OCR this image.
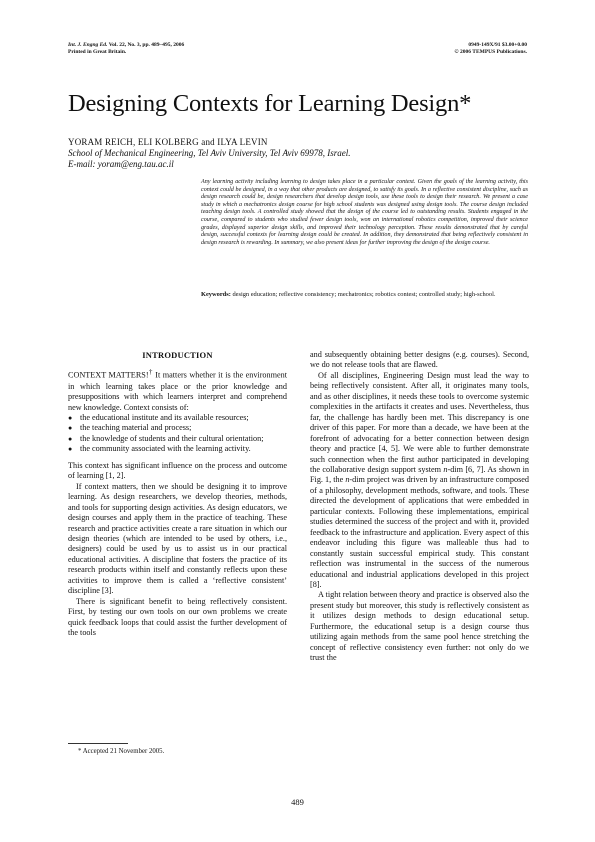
Int. J. Engng Ed. Vol. 22, No. 3, pp. 489–495, 2006
Printed in Great Britain.
0949-149X/91 $3.00+0.00
© 2006 TEMPUS Publications.
Designing Contexts for Learning Design*
YORAM REICH, ELI KOLBERG and ILYA LEVIN
School of Mechanical Engineering, Tel Aviv University, Tel Aviv 69978, Israel.
E-mail: yoram@eng.tau.ac.il
Any learning activity including learning to design takes place in a particular context. Given the goals of the learning activity, this context could be designed, in a way that other products are designed, to satisfy its goals. In a reflective consistent discipline, such as design research could be, design researchers that develop design tools, use these tools to design their research. We present a case study in which a mechatronics design course for high school students was designed using design tools. The course design included teaching design tools. A controlled study showed that the design of the course led to outstanding results. Students engaged in the course, compared to students who studied fewer design tools, won an international robotics competition, improved their science grades, displayed superior design skills, and improved their technology perception. These results demonstrated that by careful design, successful contexts for learning design could be created. In addition, they demonstrated that being reflectively consistent in design research is rewarding. In summary, we also present ideas for further improving the design of the design course.
Keywords: design education; reflective consistency; mechatronics; robotics contest; controlled study; high-school.
INTRODUCTION

CONTEXT MATTERS!† It matters whether it is the environment in which learning takes place or the prior knowledge and presuppositions with which learners interpret and comprehend new knowledge. Context consists of:

● the educational institute and its available resources;
● the teaching material and process;
● the knowledge of students and their cultural orientation;
● the community associated with the learning activity.

This context has significant influence on the process and outcome of learning [1, 2].

If context matters, then we should be designing it to improve learning. As design researchers, we develop theories, methods, and tools for supporting design activities. As design educators, we design courses and apply them in the practice of teaching. These research and practice activities create a rare situation in which our design theories (which are intended to be used by others, i.e., designers) could be used by us to assist us in our practical educational activities. A discipline that fosters the practice of its research products within itself and constantly reflects upon these activities to improve them is called a ‘reflective consistent’ discipline [3].

There is significant benefit to being reflectively consistent. First, by testing our own tools on our own problems we create quick feedback loops that could assist the further development of the tools

and subsequently obtaining better designs (e.g. courses). Second, we do not release tools that are flawed.

Of all disciplines, Engineering Design must lead the way to being reflectively consistent. After all, it originates many tools, and as other disciplines, it needs these tools to overcome systemic complexities in the artifacts it creates and uses. Nevertheless, thus far, the challenge has hardly been met. This discrepancy is one driver of this paper. For more than a decade, we have been at the forefront of advocating for a better connection between design theory and practice [4, 5]. We were able to further demonstrate such connection when the first author participated in developing the collaborative design support system n-dim [6, 7]. As shown in Fig. 1, the n-dim project was driven by an infrastructure composed of a philosophy, development methods, software, and tools. These directed the development of applications that were embedded in particular contexts. Following these implementations, empirical studies determined the success of the project and with it, provided feedback to the infrastructure and application. Every aspect of this endeavor including this figure was malleable thus had to constantly sustain successful empirical study. This constant reflection was instrumental in the success of the numerous educational and industrial applications developed in this project [8].

A tight relation between theory and practice is observed also the present study but moreover, this study is reflectively consistent as it utilizes design methods to design educational setup. Furthermore, the educational setup is a design course thus utilizing again methods from the same pool hence stretching the concept of reflective consistency even further: not only do we trust the

* Accepted 21 November 2005.
489
